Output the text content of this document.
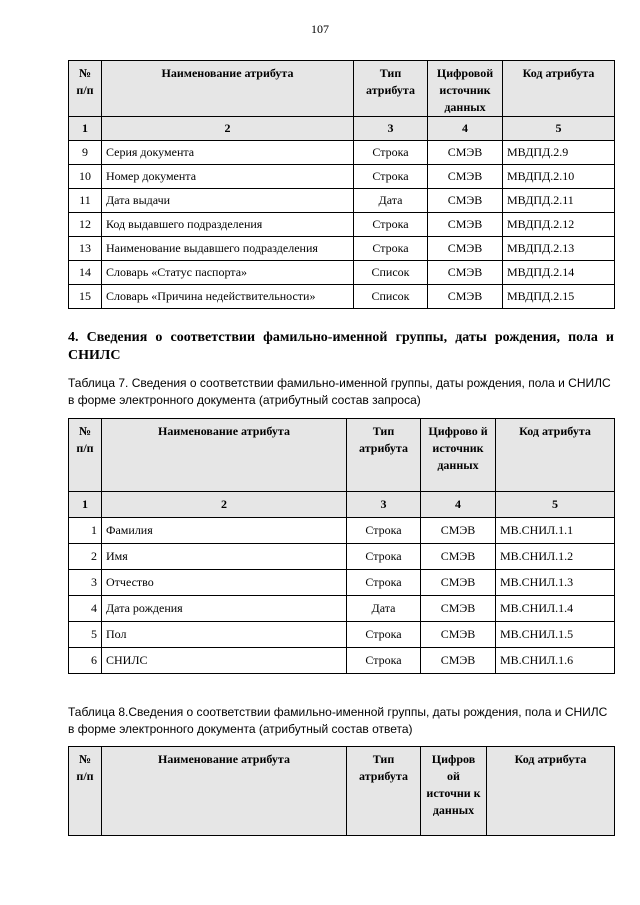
107
№ п/п	Наименование атрибута	Тип атрибута	Цифровой источник данных	Код атрибута
1	2	3	4	5
9	Серия документа	Строка	СМЭВ	МВДПД.2.9
10	Номер документа	Строка	СМЭВ	МВДПД.2.10
11	Дата выдачи	Дата	СМЭВ	МВДПД.2.11
12	Код выдавшего подразделения	Строка	СМЭВ	МВДПД.2.12
13	Наименование выдавшего подразделения	Строка	СМЭВ	МВДПД.2.13
14	Словарь «Статус паспорта»	Список	СМЭВ	МВДПД.2.14
15	Словарь «Причина недействительности»	Список	СМЭВ	МВДПД.2.15
4. Сведения о соответствии фамильно-именной группы, даты рождения, пола и СНИЛС
Таблица 7. Сведения о соответствии фамильно-именной группы, даты рождения, пола и СНИЛС в форме электронного документа (атрибутный состав запроса)
№ п/п	Наименование атрибута	Тип атрибута	Цифрово й источник данных	Код атрибута
1	2	3	4	5
1	Фамилия	Строка	СМЭВ	МВ.СНИЛ.1.1
2	Имя	Строка	СМЭВ	МВ.СНИЛ.1.2
3	Отчество	Строка	СМЭВ	МВ.СНИЛ.1.3
4	Дата рождения	Дата	СМЭВ	МВ.СНИЛ.1.4
5	Пол	Строка	СМЭВ	МВ.СНИЛ.1.5
6	СНИЛС	Строка	СМЭВ	МВ.СНИЛ.1.6
Таблица 8.Сведения о соответствии фамильно-именной группы, даты рождения, пола и СНИЛС в форме электронного документа (атрибутный состав ответа)
№ п/п	Наименование атрибута	Тип атрибута	Цифров ой источни к данных	Код атрибута
